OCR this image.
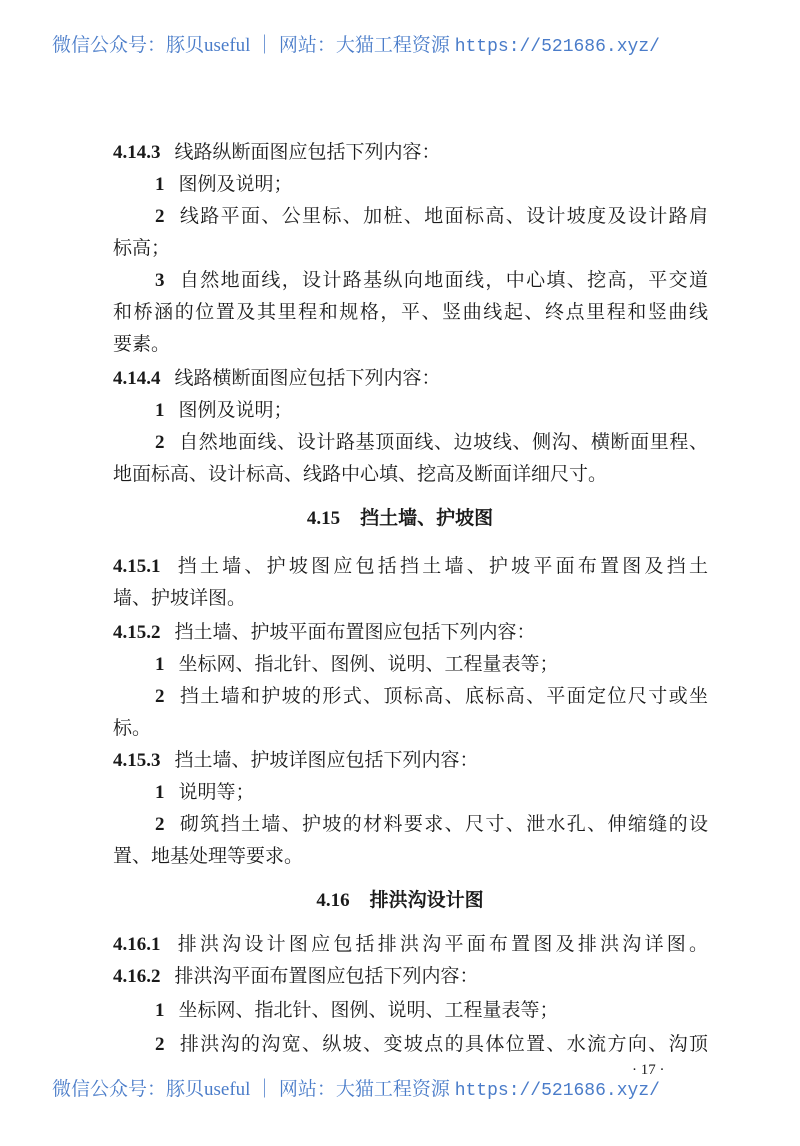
微信公众号：豚贝useful ｜ 网站：大猫工程资源 https://521686.xyz/
4.14.3 线路纵断面图应包括下列内容：
1 图例及说明；
2 线路平面、公里标、加桩、地面标高、设计坡度及设计路肩
标高；
3 自然地面线，设计路基纵向地面线，中心填、挖高，平交道
和桥涵的位置及其里程和规格，平、竖曲线起、终点里程和竖曲线
要素。
4.14.4 线路横断面图应包括下列内容：
1 图例及说明；
2 自然地面线、设计路基顶面线、边坡线、侧沟、横断面里程、
地面标高、设计标高、线路中心填、挖高及断面详细尺寸。
4.15 挡土墙、护坡图
4.15.1 挡土墙、护坡图应包括挡土墙、护坡平面布置图及挡土
墙、护坡详图。
4.15.2 挡土墙、护坡平面布置图应包括下列内容：
1 坐标网、指北针、图例、说明、工程量表等；
2 挡土墙和护坡的形式、顶标高、底标高、平面定位尺寸或坐
标。
4.15.3 挡土墙、护坡详图应包括下列内容：
1 说明等；
2 砌筑挡土墙、护坡的材料要求、尺寸、泄水孔、伸缩缝的设
置、地基处理等要求。
4.16 排洪沟设计图
4.16.1 排洪沟设计图应包括排洪沟平面布置图及排洪沟详图。
4.16.2 排洪沟平面布置图应包括下列内容：
1 坐标网、指北针、图例、说明、工程量表等；
2 排洪沟的沟宽、纵坡、变坡点的具体位置、水流方向、沟顶
· 17 ·
微信公众号：豚贝useful ｜ 网站：大猫工程资源 https://521686.xyz/
